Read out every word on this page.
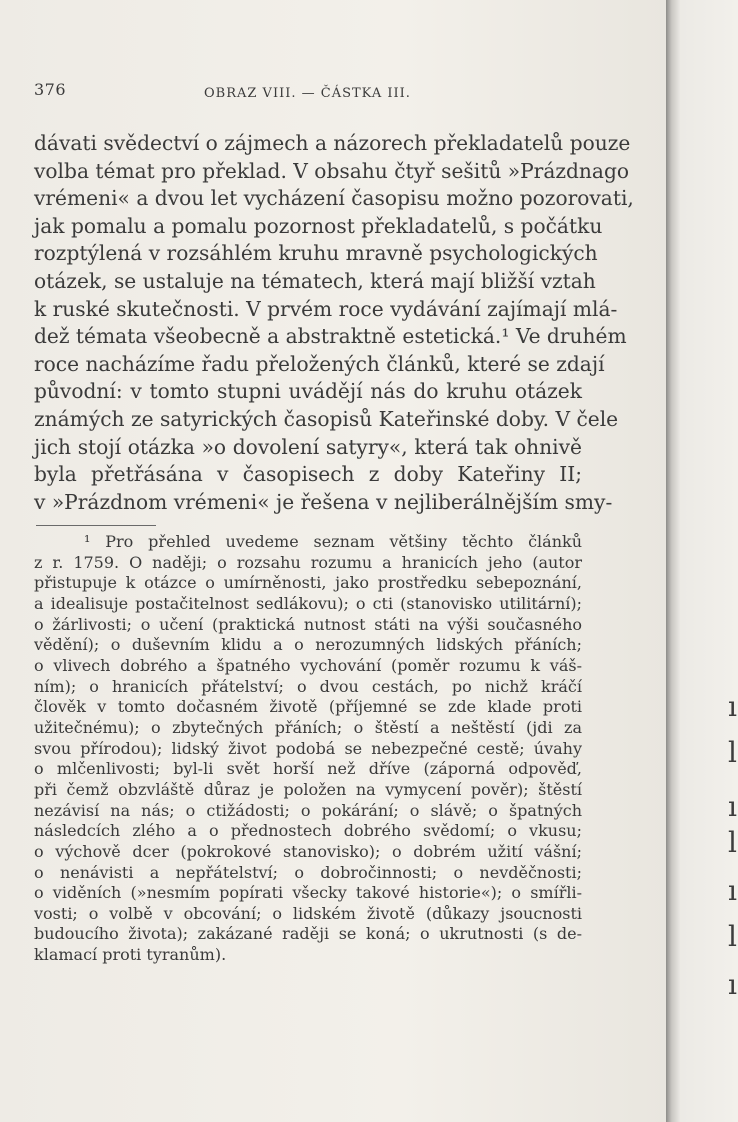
376	OBRAZ VIII. — ČÁSTKA III.
dávati svědectví o zájmech a názorech překladatelů pouze
volba témat pro překlad. V obsahu čtyř sešitů »Prázdnago
vrémeni« a dvou let vycházení časopisu možno pozorovati,
jak pomalu a pomalu pozornost překladatelů, s počátku
rozptýlená v rozsáhlém kruhu mravně psychologických
otázek, se ustaluje na tématech, která mají bližší vztah
k ruské skutečnosti. V prvém roce vydávání zajímají mlá-
dež témata všeobecně a abstraktně estetická.¹ Ve druhém
roce nacházíme řadu přeložených článků, které se zdají
původní: v tomto stupni uvádějí nás do kruhu otázek
známých ze satyrických časopisů Kateřinské doby. V čele
jich stojí otázka »o dovolení satyry«, která tak ohnivě
byla přetřásána v časopisech z doby Kateřiny II;
v »Prázdnom vrémeni« je řešena v nejliberálnějším smy-
¹ Pro přehled uvedeme seznam většiny těchto článků
z r. 1759. O naději; o rozsahu rozumu a hranicích jeho (autor
přistupuje k otázce o umírněnosti, jako prostředku sebepoznání,
a idealisuje postačitelnost sedlákovu); o cti (stanovisko utilitární);
o žárlivosti; o učení (praktická nutnost státi na výši současného
vědění); o duševním klidu a o nerozumných lidských přáních;
o vlivech dobrého a špatného vychování (poměr rozumu k váš-
ním); o hranicích přátelství; o dvou cestách, po nichž kráčí
člověk v tomto dočasném životě (příjemné se zde klade proti
užitečnému); o zbytečných přáních; o štěstí a neštěstí (jdi za
svou přírodou); lidský život podobá se nebezpečné cestě; úvahy
o mlčenlivosti; byl-li svět horší než dříve (záporná odpověď,
při čemž obzvláště důraz je položen na vymycení pověr); štěstí
nezávisí na nás; o ctižádosti; o pokárání; o slávě; o špatných
následcích zlého a o přednostech dobrého svědomí; o vkusu;
o výchově dcer (pokrokové stanovisko); o dobrém užití vášní;
o nenávisti a nepřátelství; o dobročinnosti; o nevděčnosti;
o viděních (»nesmím popírati všecky takové historie«); o smířli-
vosti; o volbě v obcování; o lidském životě (důkazy jsoucnosti
budoucího života); zakázané raději se koná; o ukrutnosti (s de-
klamací proti tyranům).
ı
l
ı
l
ı
l
ı
